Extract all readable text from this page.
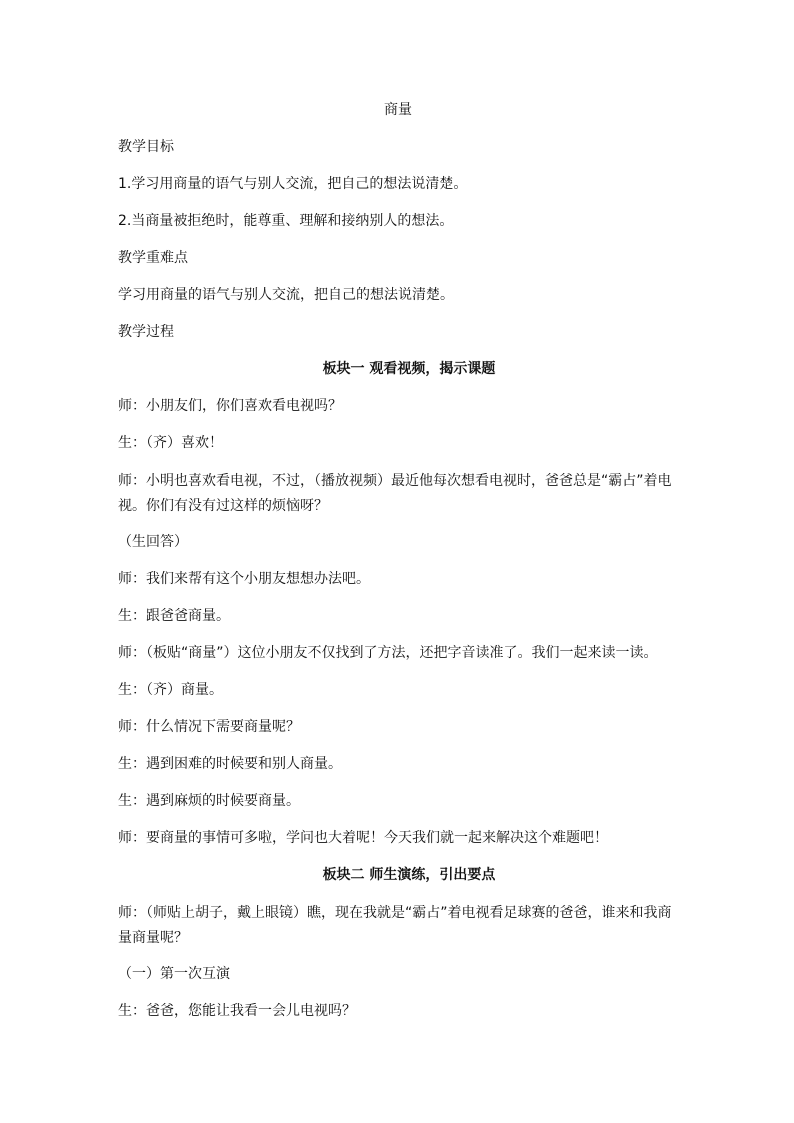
商量
教学目标
1.学习用商量的语气与别人交流，把自己的想法说清楚。
2.当商量被拒绝时，能尊重、理解和接纳别人的想法。
教学重难点
学习用商量的语气与别人交流，把自己的想法说清楚。
教学过程
板块一 观看视频，揭示课题
师：小朋友们，你们喜欢看电视吗？
生：（齐）喜欢！
师：小明也喜欢看电视，不过，（播放视频）最近他每次想看电视时，爸爸总是“霸占”着电视。你们有没有过这样的烦恼呀？
（生回答）
师：我们来帮有这个小朋友想想办法吧。
生：跟爸爸商量。
师：（板贴“商量”）这位小朋友不仅找到了方法，还把字音读准了。我们一起来读一读。
生：（齐）商量。
师：什么情况下需要商量呢？
生：遇到困难的时候要和别人商量。
生：遇到麻烦的时候要商量。
师：要商量的事情可多啦，学问也大着呢！今天我们就一起来解决这个难题吧！
板块二 师生演练，引出要点
师：（师贴上胡子，戴上眼镜）瞧，现在我就是“霸占”着电视看足球赛的爸爸，谁来和我商量商量呢？
（一）第一次互演
生：爸爸，您能让我看一会儿电视吗？
